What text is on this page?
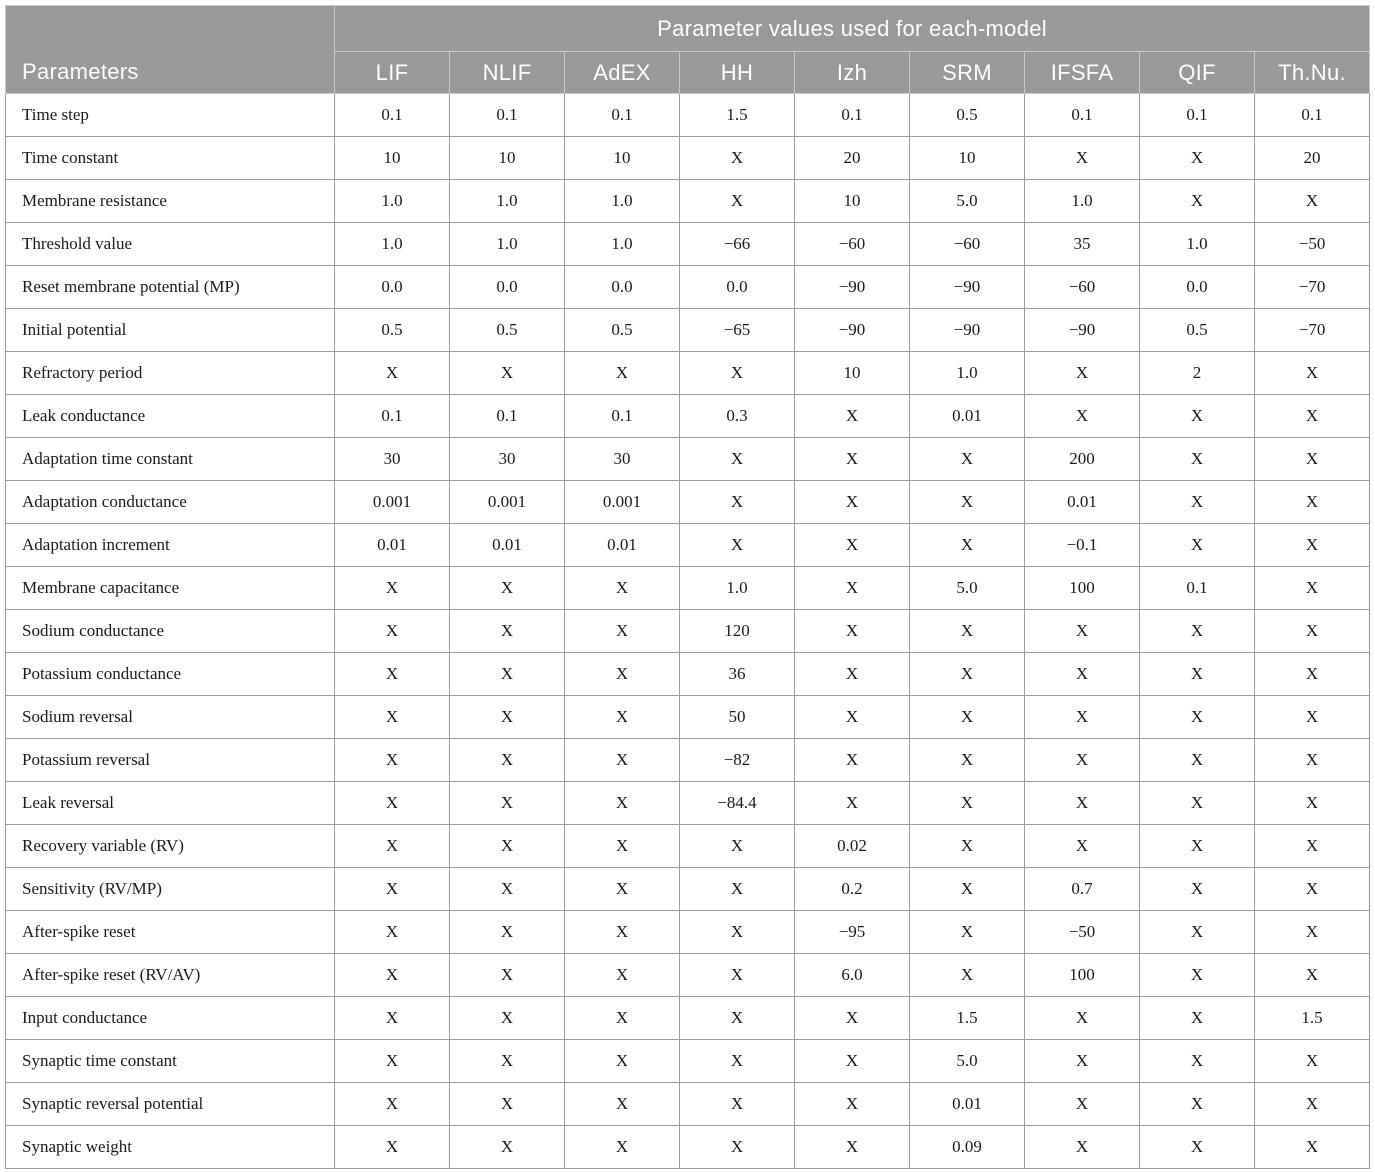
Parameters	Parameter values used for each-model								
	LIF	NLIF	AdEX	HH	Izh	SRM	IFSFA	QIF	Th.Nu.
Time step	0.1	0.1	0.1	1.5	0.1	0.5	0.1	0.1	0.1
Time constant	10	10	10	X	20	10	X	X	20
Membrane resistance	1.0	1.0	1.0	X	10	5.0	1.0	X	X
Threshold value	1.0	1.0	1.0	−66	−60	−60	35	1.0	−50
Reset membrane potential (MP)	0.0	0.0	0.0	0.0	−90	−90	−60	0.0	−70
Initial potential	0.5	0.5	0.5	−65	−90	−90	−90	0.5	−70
Refractory period	X	X	X	X	10	1.0	X	2	X
Leak conductance	0.1	0.1	0.1	0.3	X	0.01	X	X	X
Adaptation time constant	30	30	30	X	X	X	200	X	X
Adaptation conductance	0.001	0.001	0.001	X	X	X	0.01	X	X
Adaptation increment	0.01	0.01	0.01	X	X	X	−0.1	X	X
Membrane capacitance	X	X	X	1.0	X	5.0	100	0.1	X
Sodium conductance	X	X	X	120	X	X	X	X	X
Potassium conductance	X	X	X	36	X	X	X	X	X
Sodium reversal	X	X	X	50	X	X	X	X	X
Potassium reversal	X	X	X	−82	X	X	X	X	X
Leak reversal	X	X	X	−84.4	X	X	X	X	X
Recovery variable (RV)	X	X	X	X	0.02	X	X	X	X
Sensitivity (RV/MP)	X	X	X	X	0.2	X	0.7	X	X
After-spike reset	X	X	X	X	−95	X	−50	X	X
After-spike reset (RV/AV)	X	X	X	X	6.0	X	100	X	X
Input conductance	X	X	X	X	X	1.5	X	X	1.5
Synaptic time constant	X	X	X	X	X	5.0	X	X	X
Synaptic reversal potential	X	X	X	X	X	0.01	X	X	X
Synaptic weight	X	X	X	X	X	0.09	X	X	X
